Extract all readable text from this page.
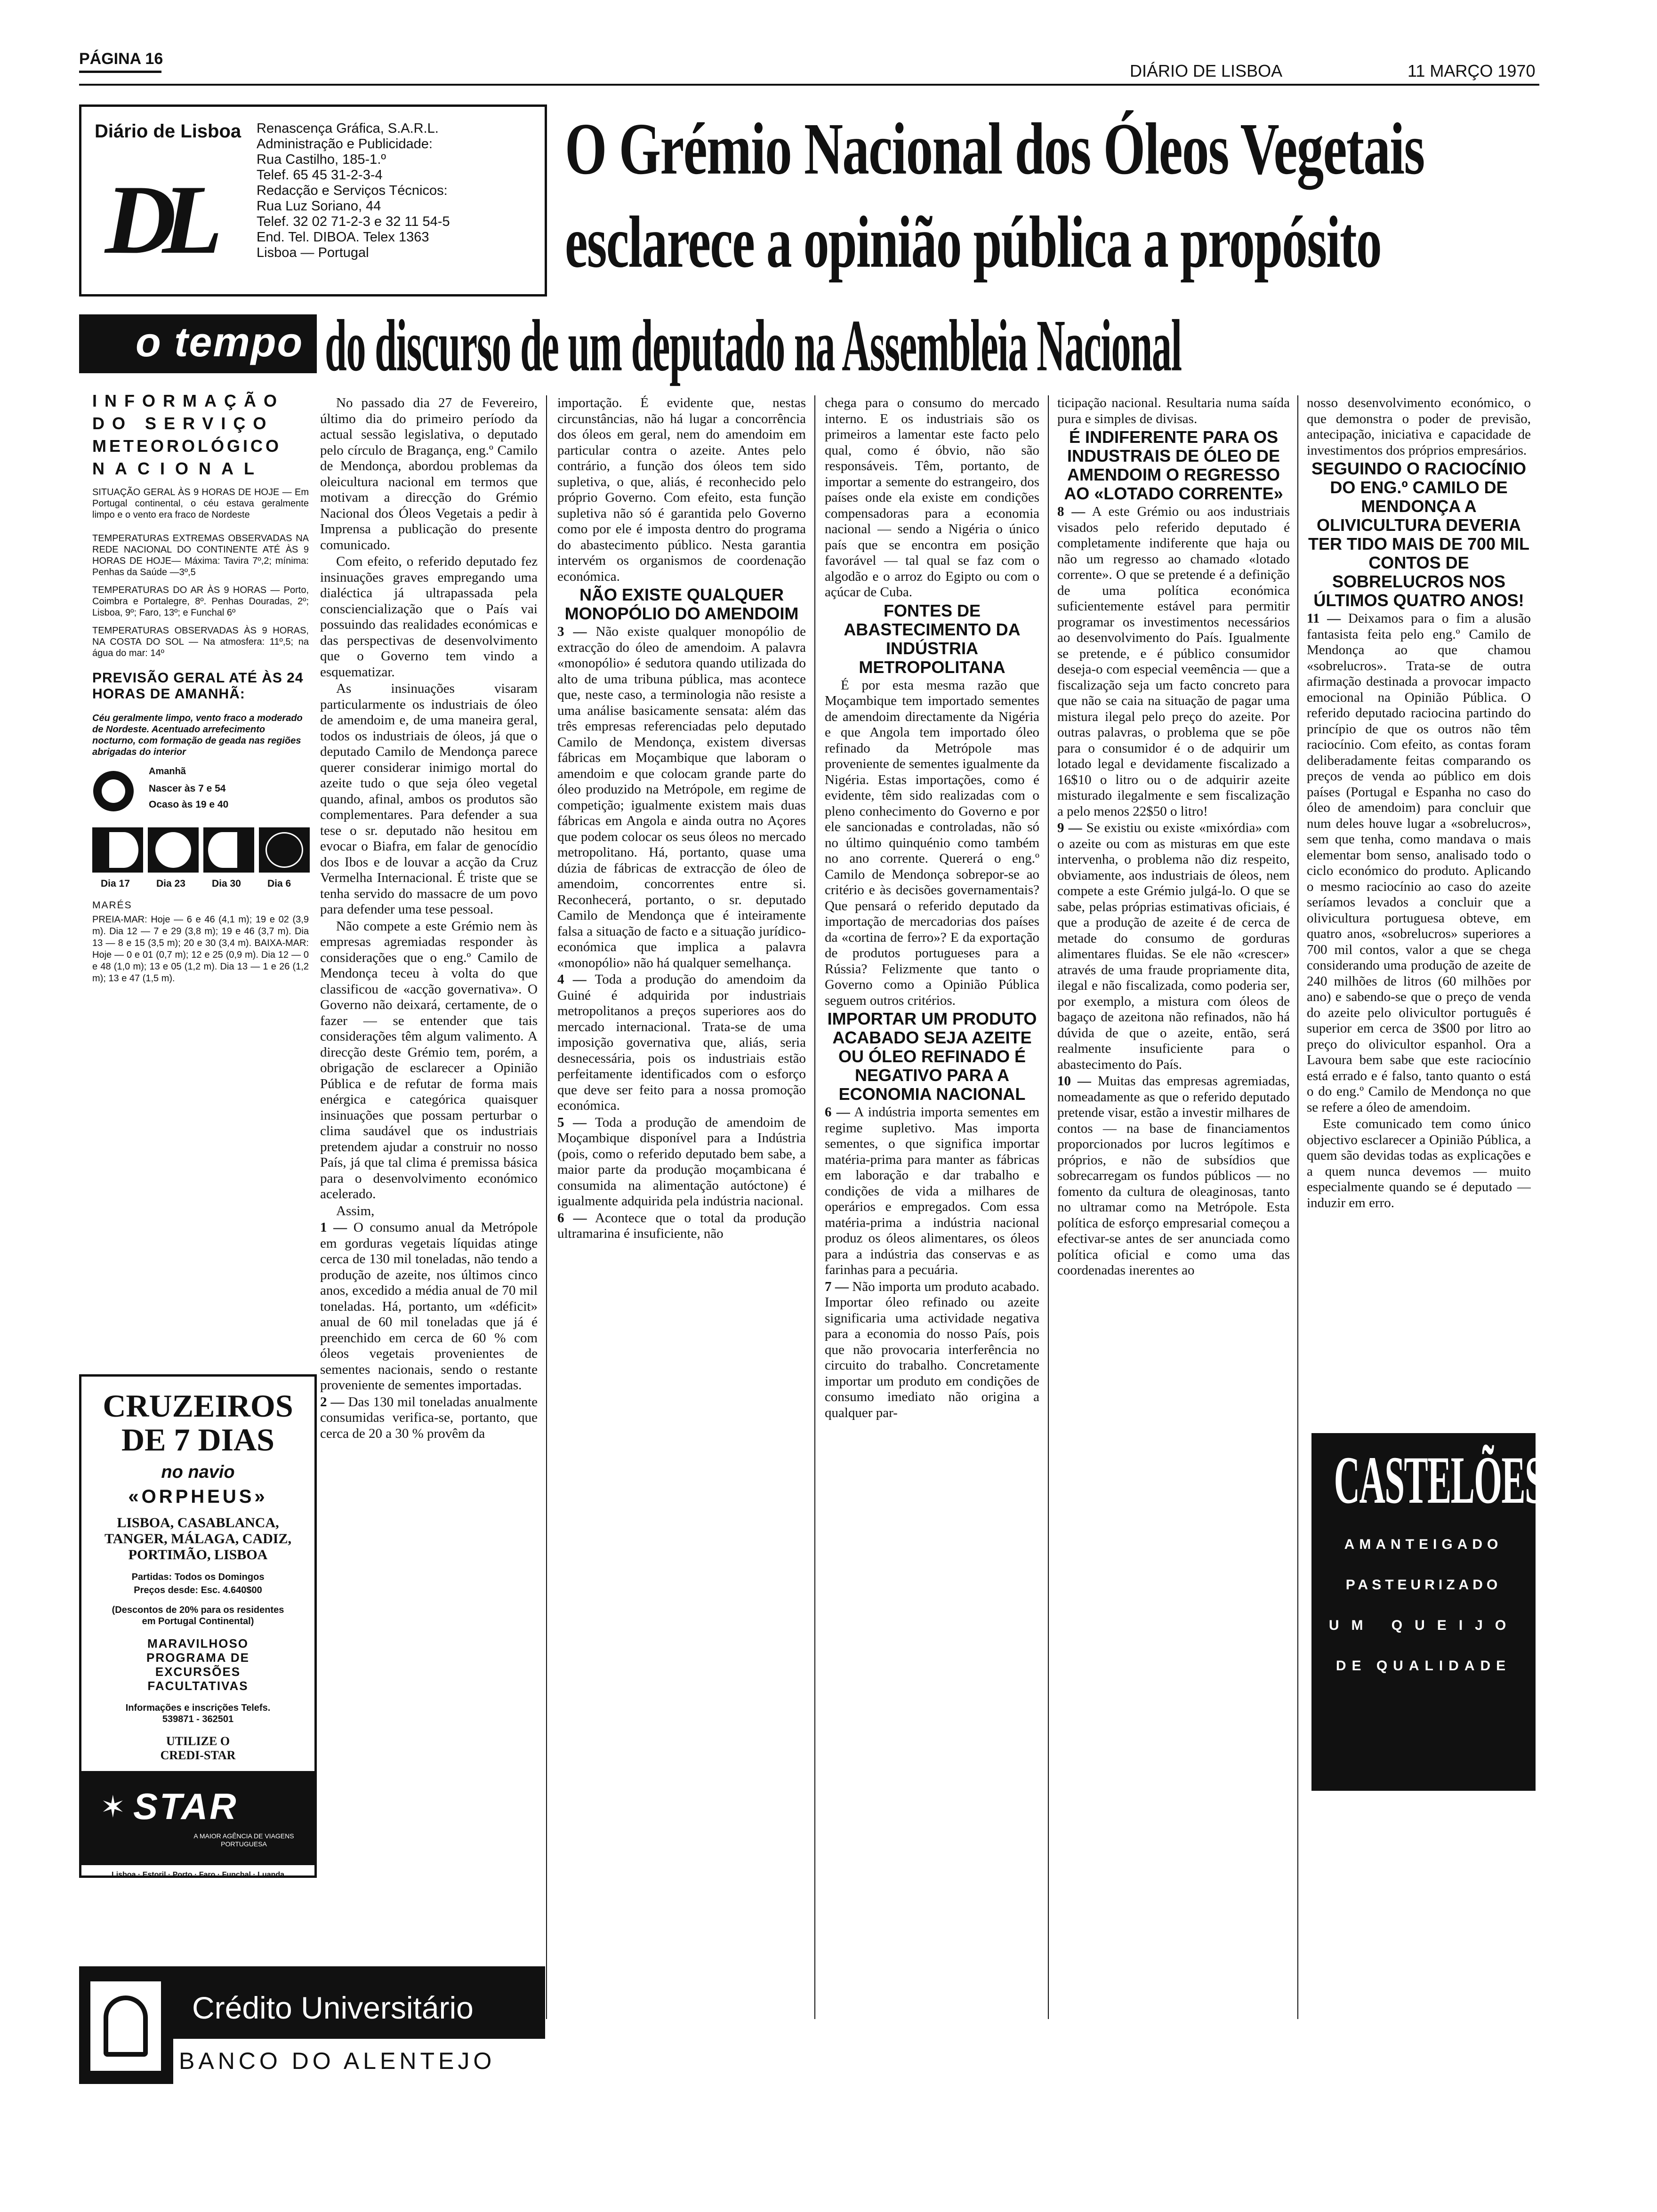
PÁGINA 16
DIÁRIO DE LISBOA	11 MARÇO 1970
Diário de Lisboa
DL
Renascença Gráfica, S.A.R.L.
Administração e Publicidade:
Rua Castilho, 185-1.º
Telef. 65 45 31-2-3-4
Redacção e Serviços Técnicos:
Rua Luz Soriano, 44
Telef. 32 02 71-2-3 e 32 11 54-5
End. Tel. DIBOA. Telex 1363
Lisboa — Portugal
O Grémio Nacional dos Óleos Vegetais
esclarece a opinião pública a propósito
do discurso de um deputado na Assembleia Nacional
o tempo
INFORMAÇÃO
DO SERVIÇO
METEOROLÓGICO
NACIONAL
SITUAÇÃO GERAL ÀS 9 HORAS DE HOJE — Em Portugal continental, o céu estava geralmente limpo e o vento era fraco de Nordeste
TEMPERATURAS EXTREMAS OBSERVADAS NA REDE NACIONAL DO CONTINENTE ATÉ ÀS 9 HORAS DE HOJE— Máxima: Tavira 7º,2; mínima: Penhas da Saúde —3º,5
TEMPERATURAS DO AR ÀS 9 HORAS — Porto, Coimbra e Portalegre, 8º. Penhas Douradas, 2º; Lisboa, 9º; Faro, 13º; e Funchal 6º
TEMPERATURAS OBSERVADAS ÀS 9 HORAS, NA COSTA DO SOL — Na atmosfera: 11º,5; na água do mar: 14º
PREVISÃO GERAL ATÉ ÀS 24 HORAS DE AMANHÃ:
Céu geralmente limpo, vento fraco a moderado de Nordeste. Acentuado arrefecimento nocturno, com formação de geada nas regiões abrigadas do interior
Amanhã
Nascer às 7 e 54
Ocaso às 19 e 40
Dia 17	Dia 23	Dia 30	Dia 6
MARÉS
PREIA-MAR: Hoje — 6 e 46 (4,1 m); 19 e 02 (3,9 m). Dia 12 — 7 e 29 (3,8 m); 19 e 46 (3,7 m). Dia 13 — 8 e 15 (3,5 m); 20 e 30 (3,4 m). BAIXA-MAR: Hoje — 0 e 01 (0,7 m); 12 e 25 (0,9 m). Dia 12 — 0 e 48 (1,0 m); 13 e 05 (1,2 m). Dia 13 — 1 e 26 (1,2 m); 13 e 47 (1,5 m).
CRUZEIROS DE 7 DIAS
no navio
«ORPHEUS»
LISBOA, CASABLANCA, TANGER, MÁLAGA, CADIZ, PORTIMÃO, LISBOA
Partidas: Todos os Domingos
Preços desde: Esc. 4.640$00
(Descontos de 20% para os residentes em Portugal Continental)
MARAVILHOSO PROGRAMA DE EXCURSÕES FACULTATIVAS
Informações e inscrições Telefs. 539871 - 362501
UTILIZE O CREDI-STAR
STAR
✶
A MAIOR AGÊNCIA DE VIAGENS PORTUGUESA
Lisboa · Estoril · Porto · Faro · Funchal · Luanda
Crédito Universitário
BANCO DO ALENTEJO

No passado dia 27 de Fevereiro, último dia do primeiro período da actual sessão legislativa, o deputado pelo círculo de Bragança, eng.º Camilo de Mendonça, abordou problemas da oleicultura nacional em termos que motivam a direcção do Grémio Nacional dos Óleos Vegetais a pedir à Imprensa a publicação do presente comunicado.

Com efeito, o referido deputado fez insinuações graves empregando uma dialéctica já ultrapassada pela consciencialização que o País vai possuindo das realidades económicas e das perspectivas de desenvolvimento que o Governo tem vindo a esquematizar.

As insinuações visaram particularmente os industriais de óleo de amendoim e, de uma maneira geral, todos os industriais de óleos, já que o deputado Camilo de Mendonça parece querer considerar inimigo mortal do azeite tudo o que seja óleo vegetal quando, afinal, ambos os produtos são complementares. Para defender a sua tese o sr. deputado não hesitou em evocar o Biafra, em falar de genocídio dos Ibos e de louvar a acção da Cruz Vermelha Internacional. É triste que se tenha servido do massacre de um povo para defender uma tese pessoal.

Não compete a este Grémio nem às empresas agremiadas responder às considerações que o eng.º Camilo de Mendonça teceu à volta do que classificou de «acção governativa». O Governo não deixará, certamente, de o fazer — se entender que tais considerações têm algum valimento. A direcção deste Grémio tem, porém, a obrigação de esclarecer a Opinião Pública e de refutar de forma mais enérgica e categórica quaisquer insinuações que possam perturbar o clima saudável que os industriais pretendem ajudar a construir no nosso País, já que tal clima é premissa básica para o desenvolvimento económico acelerado.

Assim,

1 — O consumo anual da Metrópole em gorduras vegetais líquidas atinge cerca de 130 mil toneladas, não tendo a produção de azeite, nos últimos cinco anos, excedido a média anual de 70 mil toneladas. Há, portanto, um «déficit» anual de 60 mil toneladas que já é preenchido em cerca de 60 % com óleos vegetais provenientes de sementes nacionais, sendo o restante proveniente de sementes importadas.

2 — Das 130 mil toneladas anualmente consumidas verifica-se, portanto, que cerca de 20 a 30 % provêm da

importação. É evidente que, nestas circunstâncias, não há lugar a concorrência dos óleos em geral, nem do amendoim em particular contra o azeite. Antes pelo contrário, a função dos óleos tem sido supletiva, o que, aliás, é reconhecido pelo próprio Governo. Com efeito, esta função supletiva não só é garantida pelo Governo como por ele é imposta dentro do programa do abastecimento público. Nesta garantia intervém os organismos de coordenação económica.

NÃO EXISTE QUALQUER MONOPÓLIO DO AMENDOIM

3 — Não existe qualquer monopólio de extracção do óleo de amendoim. A palavra «monopólio» é sedutora quando utilizada do alto de uma tribuna pública, mas acontece que, neste caso, a terminologia não resiste a uma análise basicamente sensata: além das três empresas referenciadas pelo deputado Camilo de Mendonça, existem diversas fábricas em Moçambique que laboram o amendoim e que colocam grande parte do óleo produzido na Metrópole, em regime de competição; igualmente existem mais duas fábricas em Angola e ainda outra no Açores que podem colocar os seus óleos no mercado metropolitano. Há, portanto, quase uma dúzia de fábricas de extracção de óleo de amendoim, concorrentes entre si. Reconhecerá, portanto, o sr. deputado Camilo de Mendonça que é inteiramente falsa a situação de facto e a situação jurídico-económica que implica a palavra «monopólio» não há qualquer semelhança.

4 — Toda a produção do amendoim da Guiné é adquirida por industriais metropolitanos a preços superiores aos do mercado internacional. Trata-se de uma imposição governativa que, aliás, seria desnecessária, pois os industriais estão perfeitamente identificados com o esforço que deve ser feito para a nossa promoção económica.

5 — Toda a produção de amendoim de Moçambique disponível para a Indústria (pois, como o referido deputado bem sabe, a maior parte da produção moçambicana é consumida na alimentação autóctone) é igualmente adquirida pela indústria nacional.

6 — Acontece que o total da produção ultramarina é insuficiente, não

chega para o consumo do mercado interno. E os industriais são os primeiros a lamentar este facto pelo qual, como é óbvio, não são responsáveis. Têm, portanto, de importar a semente do estrangeiro, dos países onde ela existe em condições compensadoras para a economia nacional — sendo a Nigéria o único país que se encontra em posição favorável — tal qual se faz com o algodão e o arroz do Egipto ou com o açúcar de Cuba.

FONTES DE ABASTECIMENTO DA INDÚSTRIA METROPOLITANA

É por esta mesma razão que Moçambique tem importado sementes de amendoim directamente da Nigéria e que Angola tem importado óleo refinado da Metrópole mas proveniente de sementes igualmente da Nigéria. Estas importações, como é evidente, têm sido realizadas com o pleno conhecimento do Governo e por ele sancionadas e controladas, não só no último quinquénio como também no ano corrente. Quererá o eng.º Camilo de Mendonça sobrepor-se ao critério e às decisões governamentais? Que pensará o referido deputado da importação de mercadorias dos países da «cortina de ferro»? E da exportação de produtos portugueses para a Rússia? Felizmente que tanto o Governo como a Opinião Pública seguem outros critérios.

IMPORTAR UM PRODUTO ACABADO SEJA AZEITE OU ÓLEO REFINADO É NEGATIVO PARA A ECONOMIA NACIONAL

6 — A indústria importa sementes em regime supletivo. Mas importa sementes, o que significa importar matéria-prima para manter as fábricas em laboração e dar trabalho e condições de vida a milhares de operários e empregados. Com essa matéria-prima a indústria nacional produz os óleos alimentares, os óleos para a indústria das conservas e as farinhas para a pecuária.

7 — Não importa um produto acabado. Importar óleo refinado ou azeite significaria uma actividade negativa para a economia do nosso País, pois que não provocaria interferência no circuito do trabalho. Concretamente importar um produto em condições de consumo imediato não origina a qualquer par-

ticipação nacional. Resultaria numa saída pura e simples de divisas.

É INDIFERENTE PARA OS INDUSTRAIS DE ÓLEO DE AMENDOIM O REGRESSO AO «LOTADO CORRENTE»

8 — A este Grémio ou aos industriais visados pelo referido deputado é completamente indiferente que haja ou não um regresso ao chamado «lotado corrente». O que se pretende é a definição de uma política económica suficientemente estável para permitir programar os investimentos necessários ao desenvolvimento do País. Igualmente se pretende, e é público consumidor deseja-o com especial veemência — que a fiscalização seja um facto concreto para que não se caia na situação de pagar uma mistura ilegal pelo preço do azeite. Por outras palavras, o problema que se põe para o consumidor é o de adquirir um lotado legal e devidamente fiscalizado a 16$10 o litro ou o de adquirir azeite misturado ilegalmente e sem fiscalização a pelo menos 22$50 o litro!

9 — Se existiu ou existe «mixórdia» com o azeite ou com as misturas em que este intervenha, o problema não diz respeito, obviamente, aos industriais de óleos, nem compete a este Grémio julgá-lo. O que se sabe, pelas próprias estimativas oficiais, é que a produção de azeite é de cerca de metade do consumo de gorduras alimentares fluidas. Se ele não «crescer» através de uma fraude propriamente dita, ilegal e não fiscalizada, como poderia ser, por exemplo, a mistura com óleos de bagaço de azeitona não refinados, não há dúvida de que o azeite, então, será realmente insuficiente para o abastecimento do País.

10 — Muitas das empresas agremiadas, nomeadamente as que o referido deputado pretende visar, estão a investir milhares de contos — na base de financiamentos proporcionados por lucros legítimos e próprios, e não de subsídios que sobrecarregam os fundos públicos — no fomento da cultura de oleaginosas, tanto no ultramar como na Metrópole. Esta política de esforço empresarial começou a efectivar-se antes de ser anunciada como política oficial e como uma das coordenadas inerentes ao

nosso desenvolvimento económico, o que demonstra o poder de previsão, antecipação, iniciativa e capacidade de investimentos dos próprios empresários.

SEGUINDO O RACIOCÍNIO DO ENG.º CAMILO DE MENDONÇA A OLIVICULTURA DEVERIA TER TIDO MAIS DE 700 MIL CONTOS DE SOBRELUCROS NOS ÚLTIMOS QUATRO ANOS!

11 — Deixamos para o fim a alusão fantasista feita pelo eng.º Camilo de Mendonça ao que chamou «sobrelucros». Trata-se de outra afirmação destinada a provocar impacto emocional na Opinião Pública. O referido deputado raciocina partindo do princípio de que os outros não têm raciocínio. Com efeito, as contas foram deliberadamente feitas comparando os preços de venda ao público em dois países (Portugal e Espanha no caso do óleo de amendoim) para concluir que num deles houve lugar a «sobrelucros», sem que tenha, como mandava o mais elementar bom senso, analisado todo o ciclo económico do produto. Aplicando o mesmo raciocínio ao caso do azeite seríamos levados a concluir que a olivicultura portuguesa obteve, em quatro anos, «sobrelucros» superiores a 700 mil contos, valor a que se chega considerando uma produção de azeite de 240 milhões de litros (60 milhões por ano) e sabendo-se que o preço de venda do azeite pelo olivicultor português é superior em cerca de 3$00 por litro ao preço do olivicultor espanhol. Ora a Lavoura bem sabe que este raciocínio está errado e é falso, tanto quanto o está o do eng.º Camilo de Mendonça no que se refere a óleo de amendoim.

Este comunicado tem como único objectivo esclarecer a Opinião Pública, a quem são devidas todas as explicações e a quem nunca devemos — muito especialmente quando se é deputado — induzir em erro.

CASTELÕES
AMANTEIGADO
PASTEURIZADO
UM QUEIJO
DE QUALIDADE
